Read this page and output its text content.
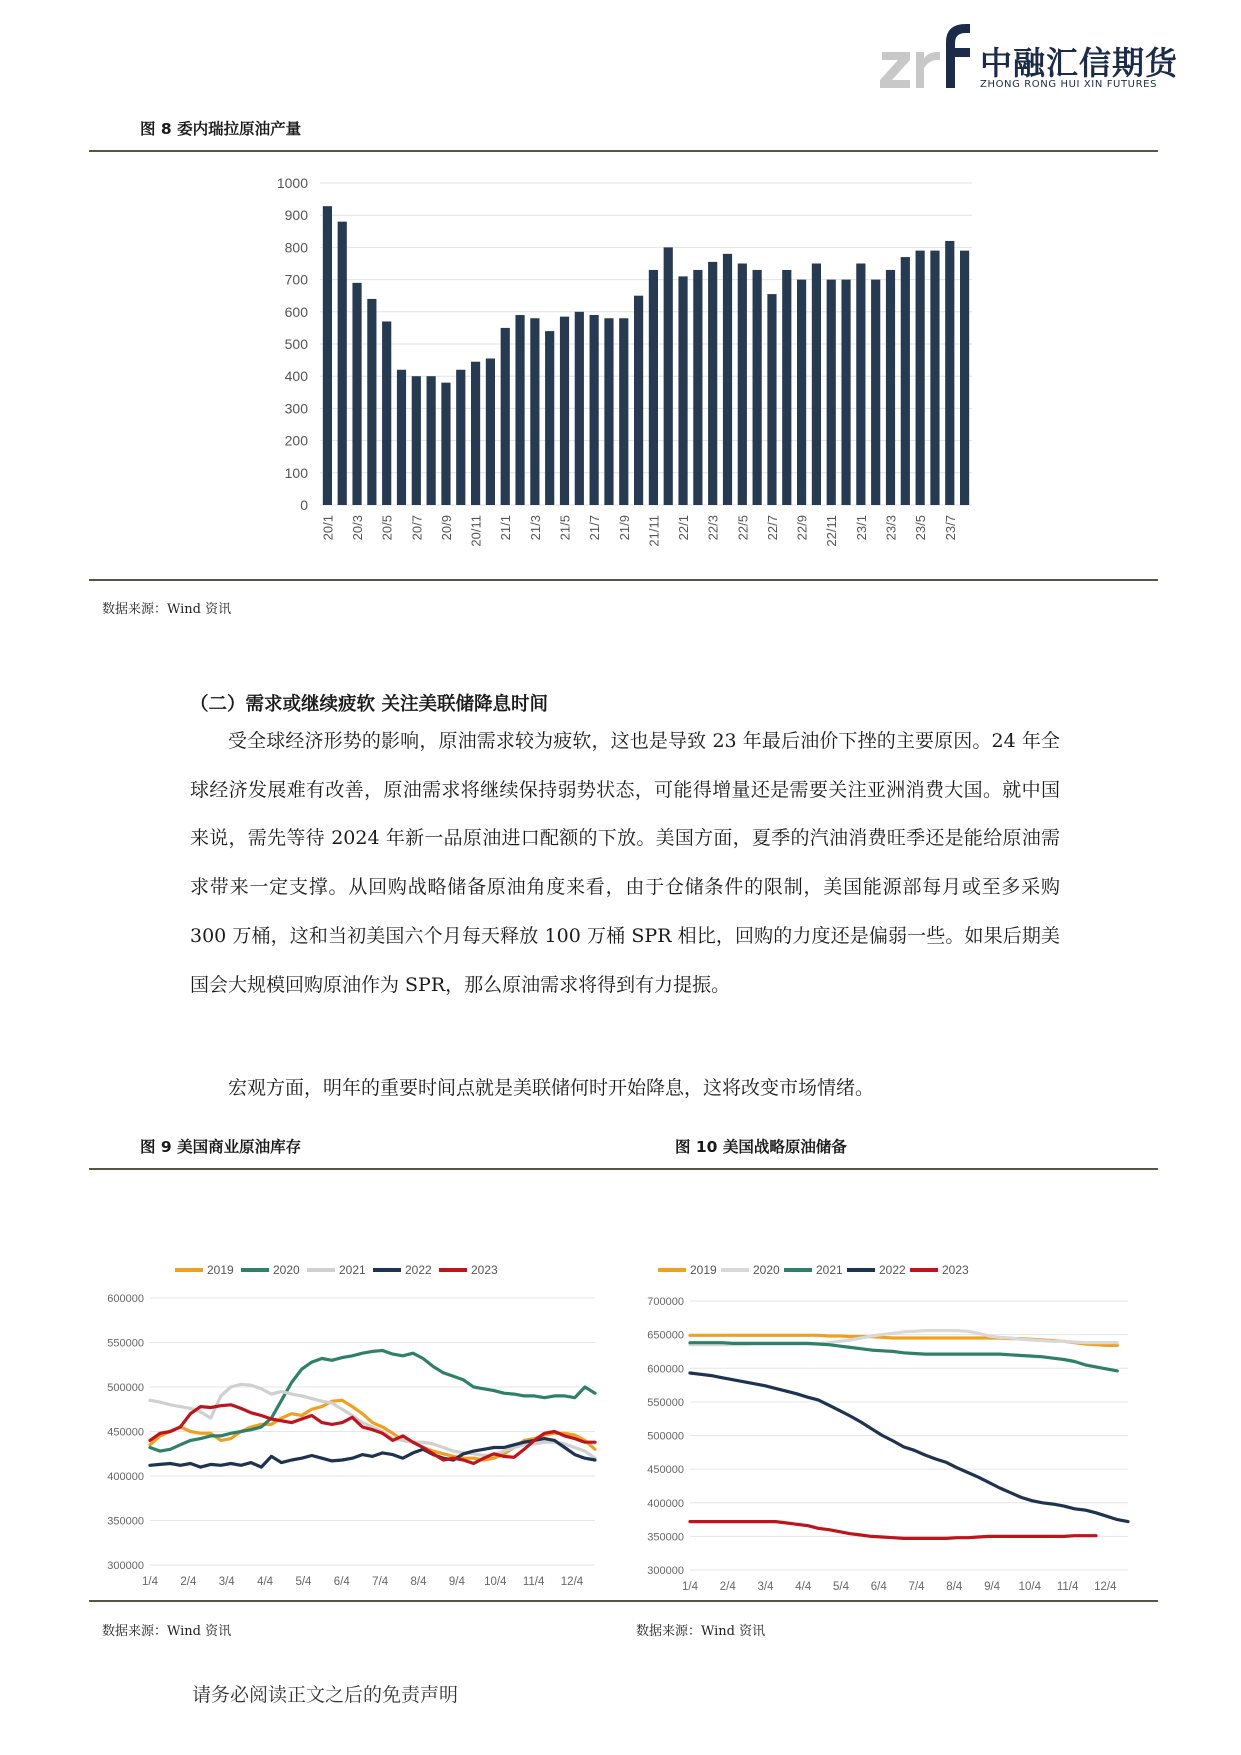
中融汇信期货
ZHONG RONG HUI XIN FUTURES
图 8 委内瑞拉原油产量
0
100
200
300
400
500
600
700
800
900
1000
20/1 20/3 20/5 20/7 20/9 20/11 21/1 21/3 21/5 21/7 21/9 21/11 22/1 22/3 22/5 22/7 22/9 22/11 23/1 23/3 23/5 23/7
数据来源：Wind 资讯
（二）需求或继续疲软 关注美联储降息时间

受全球经济形势的影响，原油需求较为疲软，这也是导致 23 年最后油价下挫的主要原因。24 年全球经济发展难有改善，原油需求将继续保持弱势状态，可能得增量还是需要关注亚洲消费大国。就中国来说，需先等待 2024 年新一品原油进口配额的下放。美国方面，夏季的汽油消费旺季还是能给原油需求带来一定支撑。从回购战略储备原油角度来看，由于仓储条件的限制，美国能源部每月或至多采购 300 万桶，这和当初美国六个月每天释放 100 万桶 SPR 相比，回购的力度还是偏弱一些。如果后期美国会大规模回购原油作为 SPR，那么原油需求将得到有力提振。

宏观方面，明年的重要时间点就是美联储何时开始降息，这将改变市场情绪。

图 9 美国商业原油库存	图 10 美国战略原油储备
300000
350000
400000
450000
500000
550000
600000
1/4 2/4 3/4 4/4 5/4 6/4 7/4 8/4 9/4 10/4 11/4 12/4
2019	2020	2021	2022	2023
300000
350000
400000
450000
500000
550000
600000
650000
700000
1/4 2/4 3/4 4/4 5/4 6/4 7/4 8/4 9/4 10/4 11/4 12/4
2019	2020	2021	2022	2023
数据来源：Wind 资讯	数据来源：Wind 资讯
请务必阅读正文之后的免责声明
